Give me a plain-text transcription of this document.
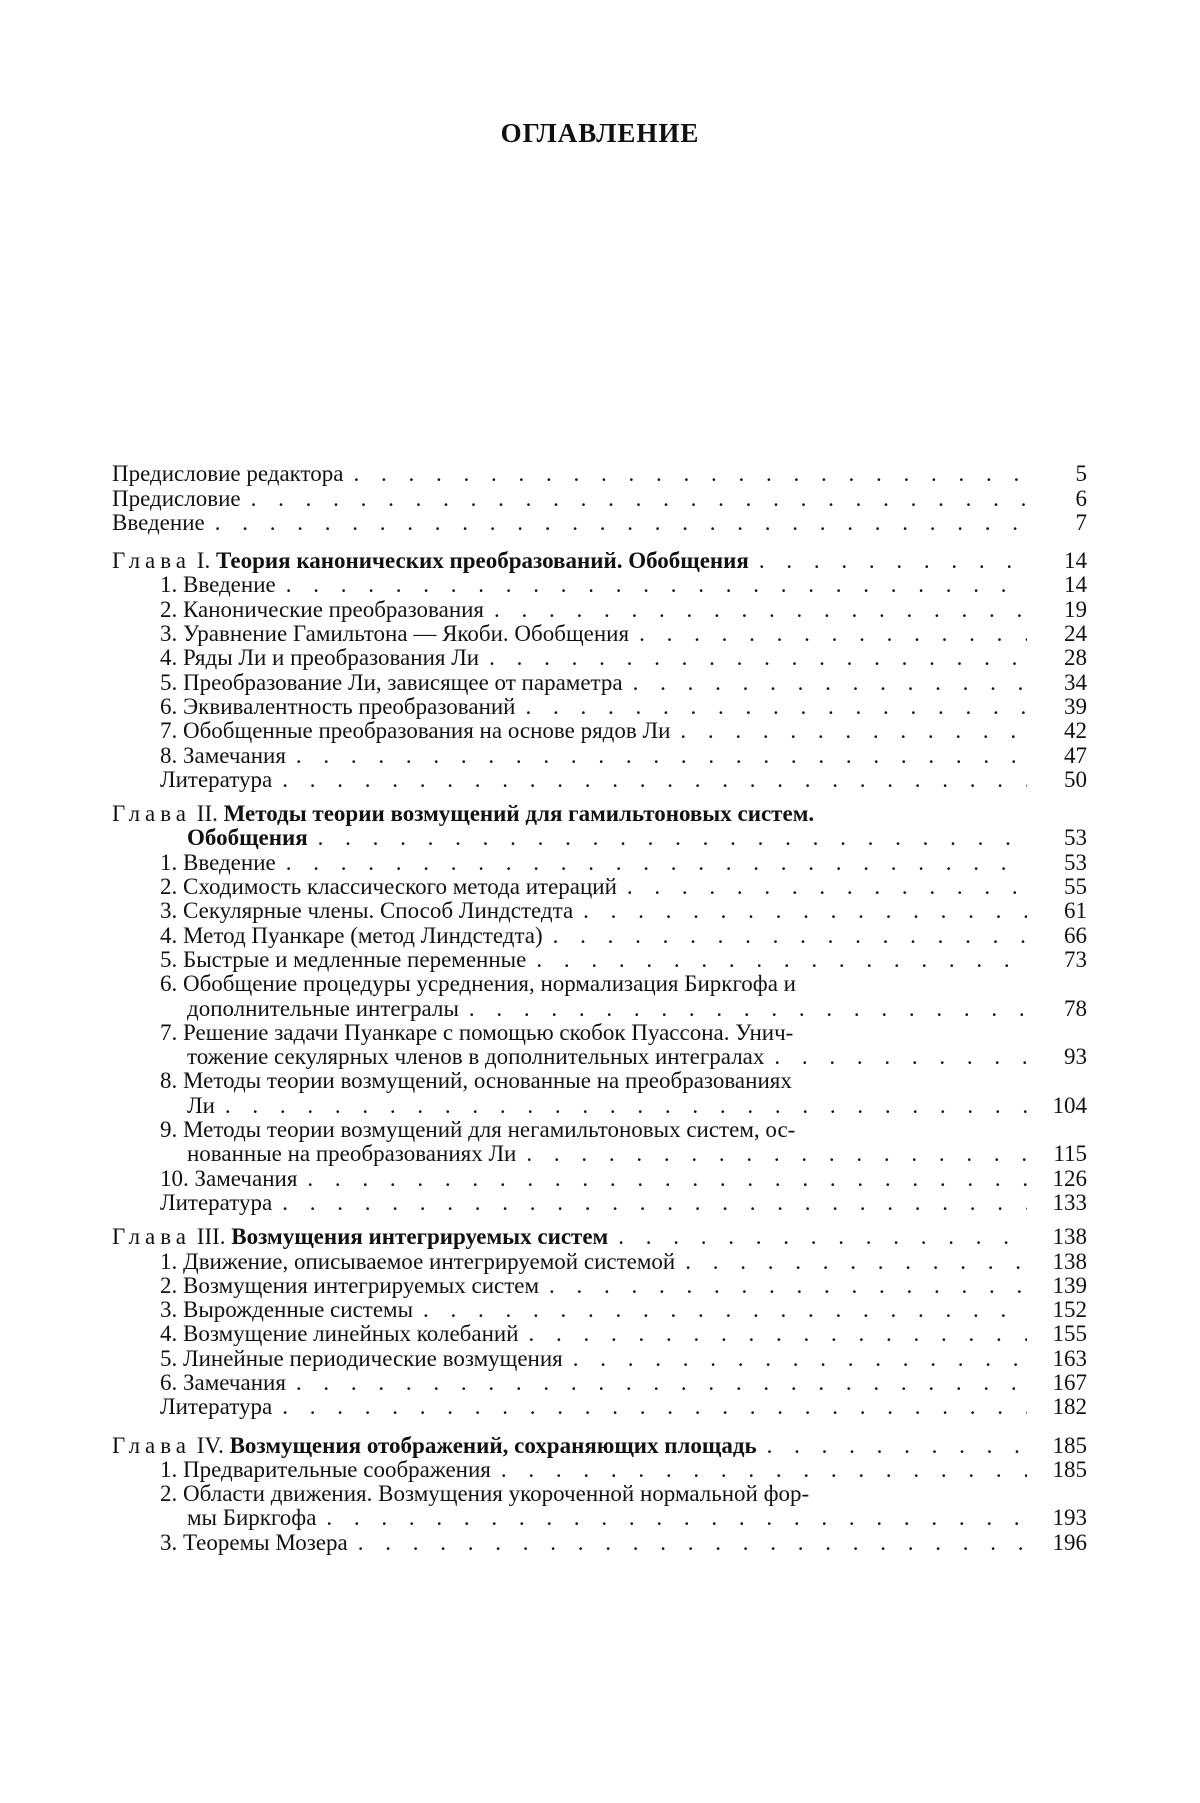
ОГЛАВЛЕНИЕ
Предисловие редактора . . .	5
Предисловие . . .	6
Введение . . .	7
Глава I. Теория канонических преобразований. Обобщения . . .	14
1. Введение . . .	14
2. Канонические преобразования . . .	19
3. Уравнение Гамильтона — Якоби. Обобщения . . .	24
4. Ряды Ли и преобразования Ли . . .	28
5. Преобразование Ли, зависящее от параметра . . .	34
6. Эквивалентность преобразований . . .	39
7. Обобщенные преобразования на основе рядов Ли . . .	42
8. Замечания . . .	47
Литература . . .	50
Глава II. Методы теории возмущений для гамильтоновых систем.
Обобщения . . .	53
1. Введение . . .	53
2. Сходимость классического метода итераций . . .	55
3. Секулярные члены. Способ Линдстедта . . .	61
4. Метод Пуанкаре (метод Линдстедта) . . .	66
5. Быстрые и медленные переменные . . .	73
6. Обобщение процедуры усреднения, нормализация Биркгофа и
дополнительные интегралы . . .	78
7. Решение задачи Пуанкаре с помощью скобок Пуассона. Унич-
тожение секулярных членов в дополнительных интегралах . . .	93
8. Методы теории возмущений, основанные на преобразованиях
Ли . . .	104
9. Методы теории возмущений для негамильтоновых систем, ос-
нованные на преобразованиях Ли . . .	115
10. Замечания . . .	126
Литература . . .	133
Глава III. Возмущения интегрируемых систем . . .	138
1. Движение, описываемое интегрируемой системой . . .	138
2. Возмущения интегрируемых систем . . .	139
3. Вырожденные системы . . .	152
4. Возмущение линейных колебаний . . .	155
5. Линейные периодические возмущения . . .	163
6. Замечания . . .	167
Литература . . .	182
Глава IV. Возмущения отображений, сохраняющих площадь . . .	185
1. Предварительные соображения . . .	185
2. Области движения. Возмущения укороченной нормальной фор-
мы Биркгофа . . .	193
3. Теоремы Мозера . . .	196
